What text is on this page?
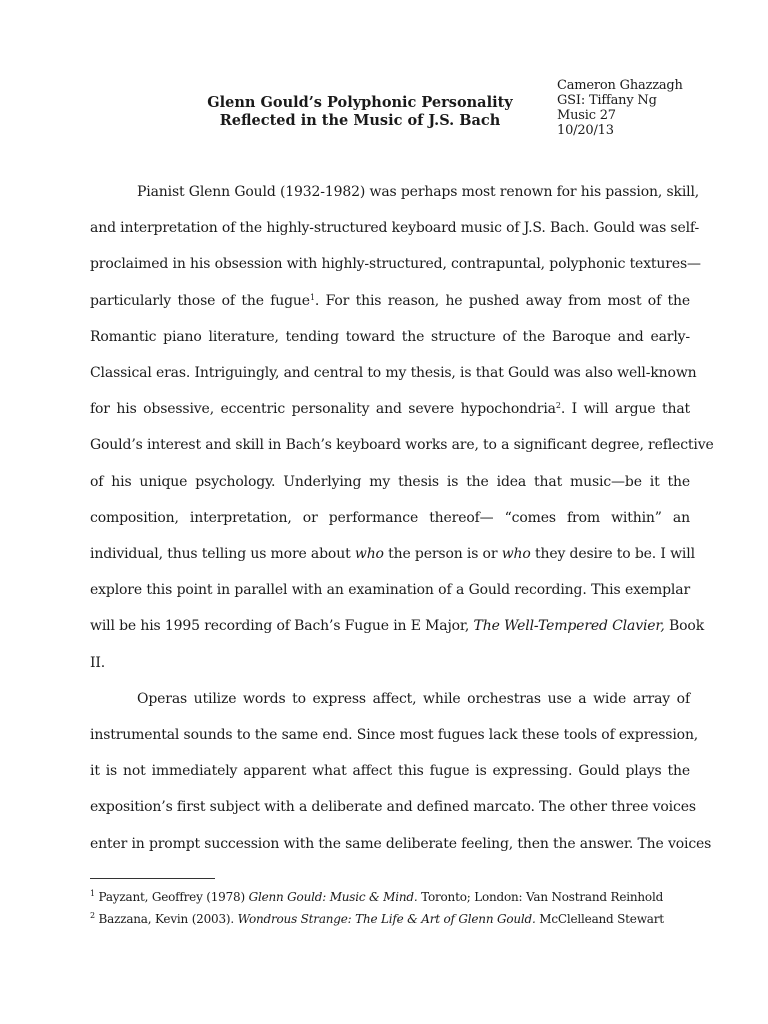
Cameron Ghazzagh
GSI: Tiffany Ng
Music 27
10/20/13
Glenn Gould’s Polyphonic Personality
Reflected in the Music of J.S. Bach
Pianist Glenn Gould (1932-1982) was perhaps most renown for his passion, skill,
and interpretation of the highly-structured keyboard music of J.S. Bach. Gould was self-
proclaimed in his obsession with highly-structured, contrapuntal, polyphonic textures—
particularly those of the fugue$^1$. For this reason, he pushed away from most of the
Romantic piano literature, tending toward the structure of the Baroque and early-
Classical eras. Intriguingly, and central to my thesis, is that Gould was also well-known
for his obsessive, eccentric personality and severe hypochondria$^2$. I will argue that
Gould’s interest and skill in Bach’s keyboard works are, to a significant degree, reflective
of his unique psychology. Underlying my thesis is the idea that music—be it the
composition, interpretation, or performance thereof— “comes from within” an
individual, thus telling us more about who the person is or who they desire to be. I will
explore this point in parallel with an examination of a Gould recording. This exemplar
will be his 1995 recording of Bach’s Fugue in E Major, The Well-Tempered Clavier, Book
II.
Operas utilize words to express affect, while orchestras use a wide array of
instrumental sounds to the same end. Since most fugues lack these tools of expression,
it is not immediately apparent what affect this fugue is expressing. Gould plays the
exposition’s first subject with a deliberate and defined marcato. The other three voices
enter in prompt succession with the same deliberate feeling, then the answer. The voices
$^1$ Payzant, Geoffrey (1978) Glenn Gould: Music & Mind. Toronto; London: Van Nostrand Reinhold
$^2$ Bazzana, Kevin (2003). Wondrous Strange: The Life & Art of Glenn Gould. McClelleand Stewart
